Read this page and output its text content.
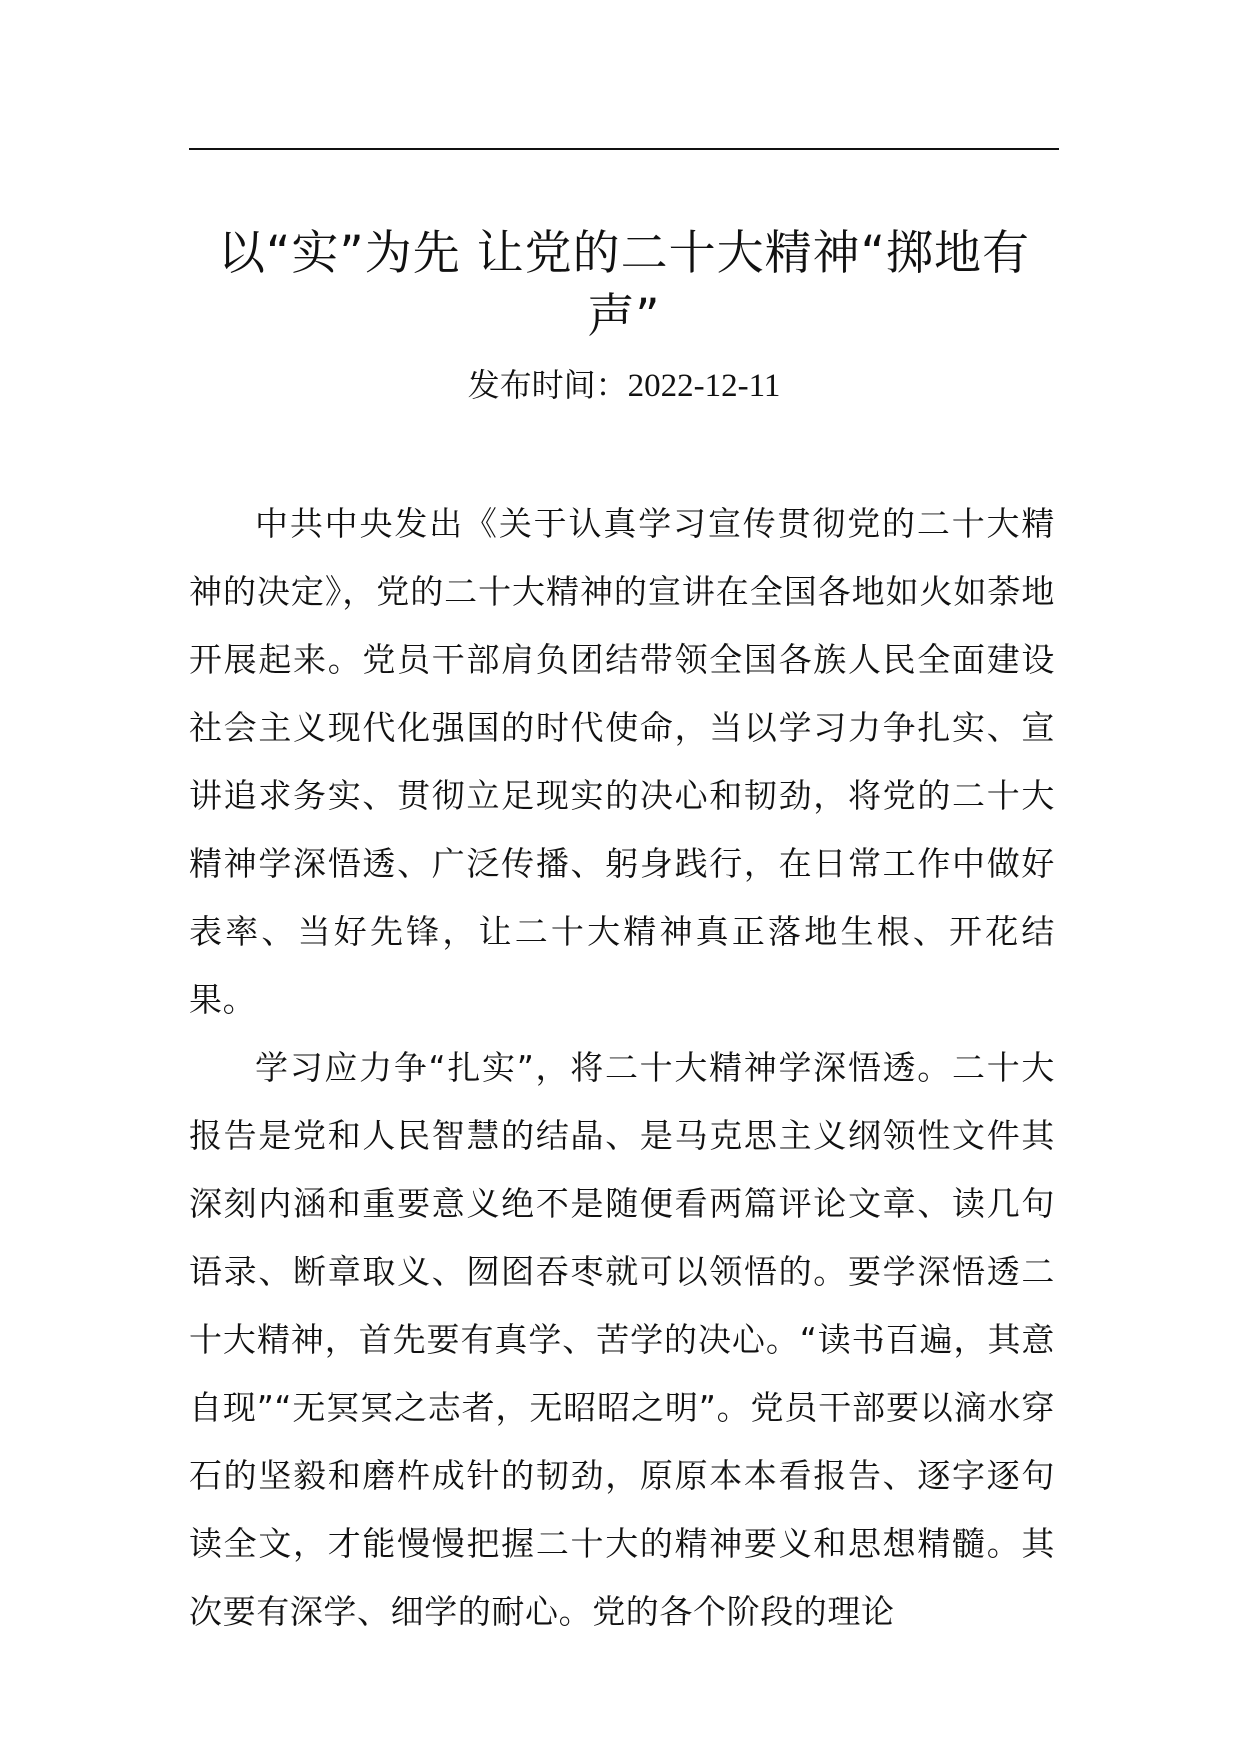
以“实”为先 让党的二十大精神“掷地有声”
发布时间：2022-12-11

中共中央发出《关于认真学习宣传贯彻党的二十大精神的决定》，党的二十大精神的宣讲在全国各地如火如荼地开展起来。党员干部肩负团结带领全国各族人民全面建设社会主义现代化强国的时代使命，当以学习力争扎实、宣讲追求务实、贯彻立足现实的决心和韧劲，将党的二十大精神学深悟透、广泛传播、躬身践行，在日常工作中做好表率、当好先锋，让二十大精神真正落地生根、开花结果。

学习应力争“扎实”，将二十大精神学深悟透。二十大报告是党和人民智慧的结晶、是马克思主义纲领性文件其深刻内涵和重要意义绝不是随便看两篇评论文章、读几句语录、断章取义、囫囵吞枣就可以领悟的。要学深悟透二十大精神，首先要有真学、苦学的决心。“读书百遍，其意自现”“无冥冥之志者，无昭昭之明”。党员干部要以滴水穿石的坚毅和磨杵成针的韧劲，原原本本看报告、逐字逐句读全文，才能慢慢把握二十大的精神要义和思想精髓。其次要有深学、细学的耐心。党的各个阶段的理论
